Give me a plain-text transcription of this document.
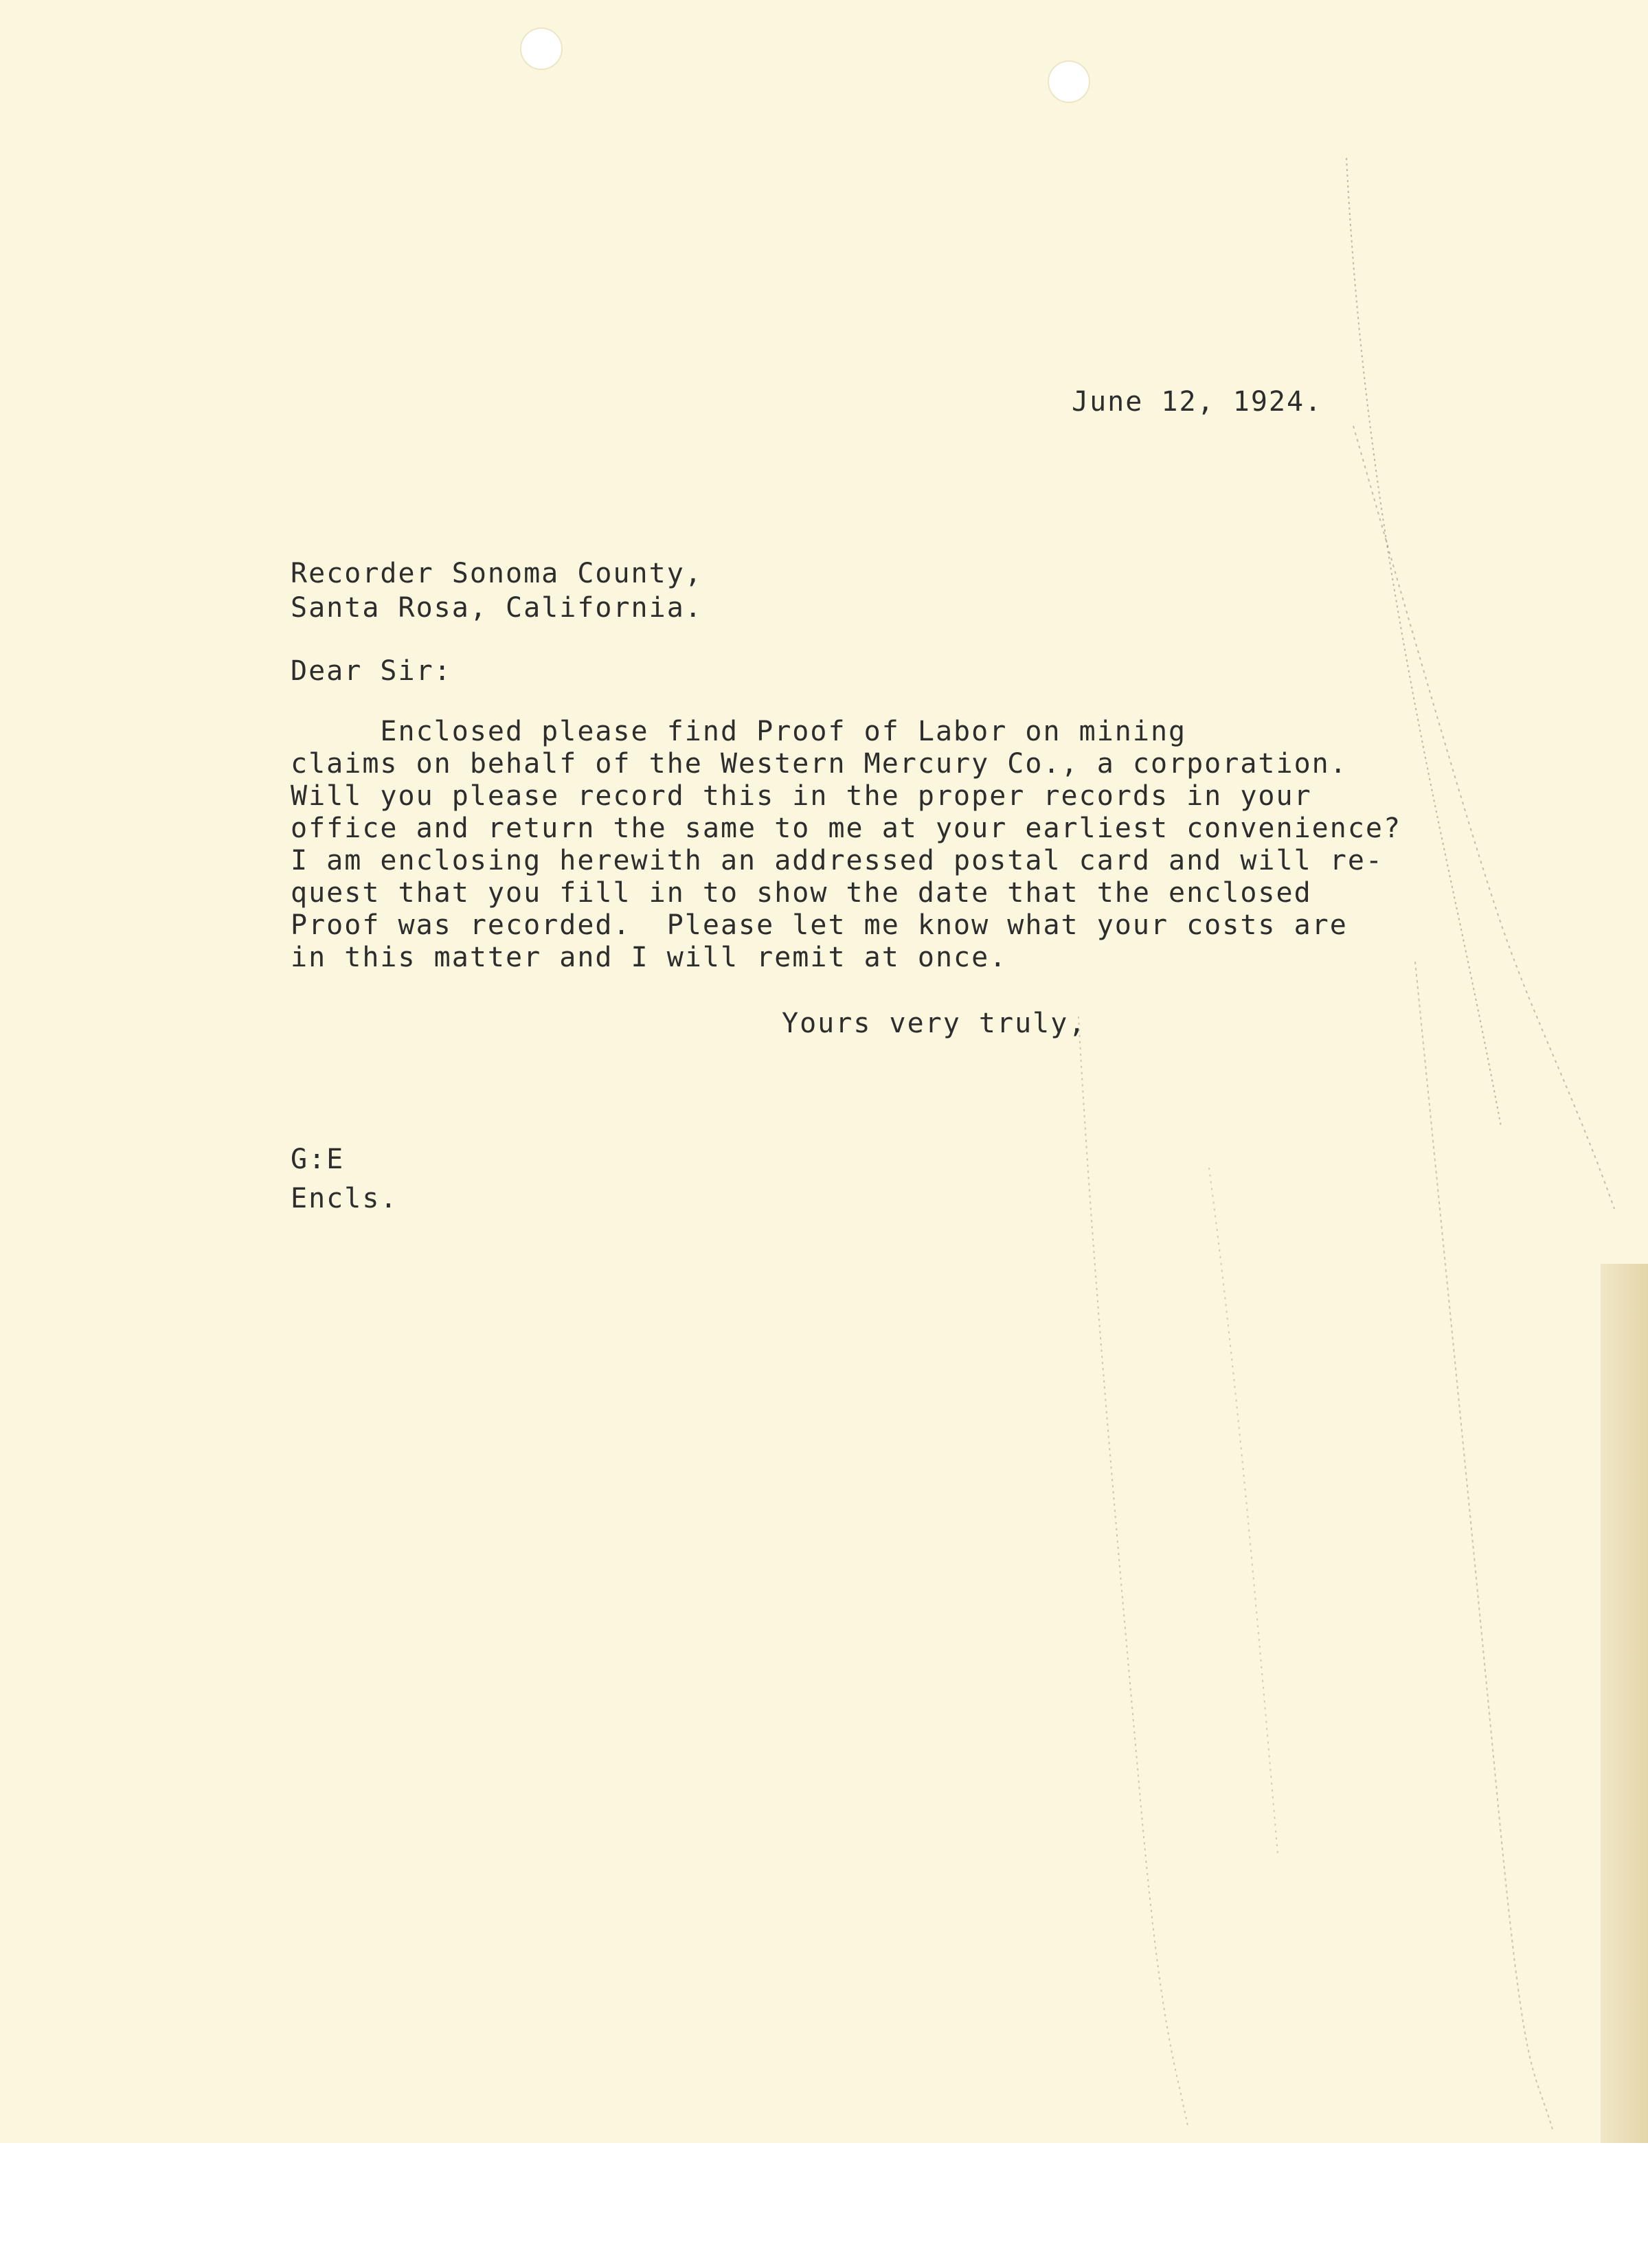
June 12, 1924.

Recorder Sonoma County,

Santa Rosa, California.

Dear Sir:

Enclosed please find Proof of Labor on mining

claims on behalf of the Western Mercury Co., a corporation.

Will you please record this in the proper records in your

office and return the same to me at your earliest convenience?

I am enclosing herewith an addressed postal card and will re-

quest that you fill in to show the date that the enclosed

Proof was recorded.  Please let me know what your costs are

in this matter and I will remit at once.

Yours very truly,

G:E

Encls.
